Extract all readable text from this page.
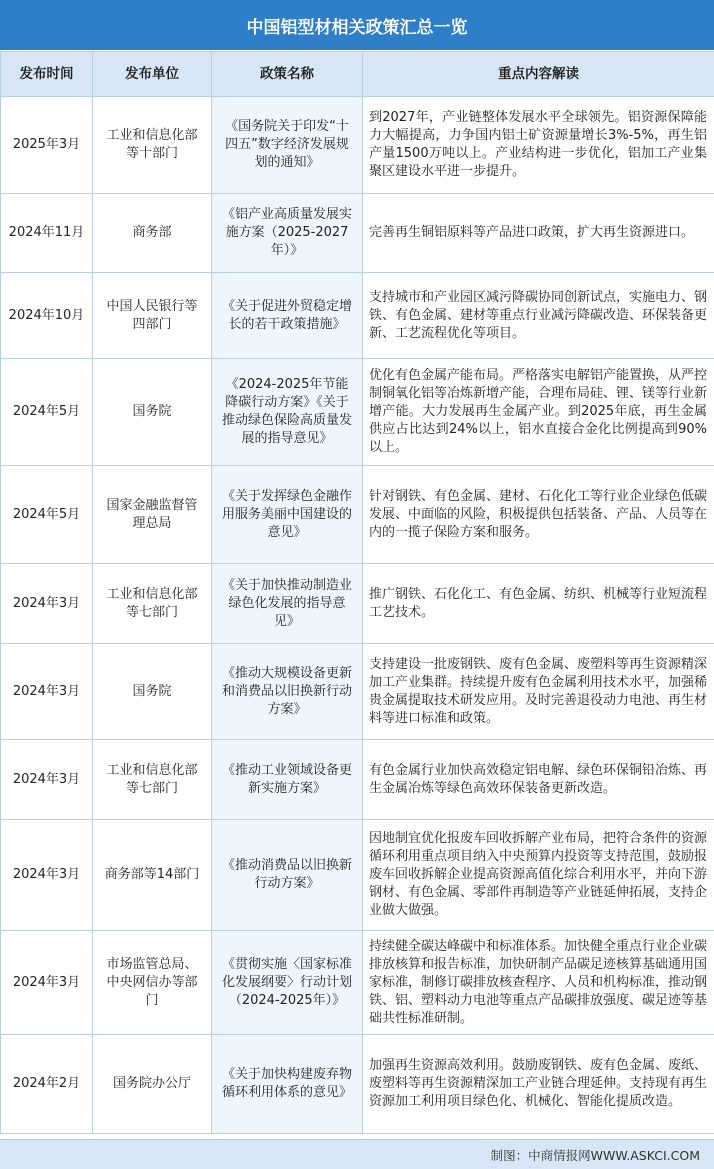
中国铝型材相关政策汇总一览
发布时间	发布单位	政策名称	重点内容解读
2025年3月	工业和信息化部等十部门	《国务院关于印发“十四五”数字经济发展规划的通知》	到2027年，产业链整体发展水平全球领先。铝资源保障能力大幅提高，力争国内铝土矿资源量增长3%-5%，再生铝产量1500万吨以上。产业结构进一步优化，铝加工产业集聚区建设水平进一步提升。
2024年11月	商务部	《铝产业高质量发展实施方案（2025-2027年）》	完善再生铜铝原料等产品进口政策，扩大再生资源进口。
2024年10月	中国人民银行等四部门	《关于促进外贸稳定增长的若干政策措施》	支持城市和产业园区减污降碳协同创新试点，实施电力、钢铁、有色金属、建材等重点行业减污降碳改造、环保装备更新、工艺流程优化等项目。
2024年5月	国务院	《2024-2025年节能降碳行动方案》《关于推动绿色保险高质量发展的指导意见》	优化有色金属产能布局。严格落实电解铝产能置换，从严控制铜氧化铝等冶炼新增产能，合理布局硅、锂、镁等行业新增产能。大力发展再生金属产业。到2025年底，再生金属供应占比达到24%以上，铝水直接合金化比例提高到90%以上。
2024年5月	国家金融监督管理总局	《关于发挥绿色金融作用服务美丽中国建设的意见》	针对钢铁、有色金属、建材、石化化工等行业企业绿色低碳发展、中面临的风险，积极提供包括装备、产品、人员等在内的一揽子保险方案和服务。
2024年3月	工业和信息化部等七部门	《关于加快推动制造业绿色化发展的指导意见》	推广钢铁、石化化工、有色金属、纺织、机械等行业短流程工艺技术。
2024年3月	国务院	《推动大规模设备更新和消费品以旧换新行动方案》	支持建设一批废钢铁、废有色金属、废塑料等再生资源精深加工产业集群。持续提升废有色金属利用技术水平，加强稀贵金属提取技术研发应用。及时完善退役动力电池、再生材料等进口标准和政策。
2024年3月	工业和信息化部等七部门	《推动工业领域设备更新实施方案》	有色金属行业加快高效稳定铝电解、绿色环保铜铅冶炼、再生金属冶炼等绿色高效环保装备更新改造。
2024年3月	商务部等14部门	《推动消费品以旧换新行动方案》	因地制宜优化报废车回收拆解产业布局，把符合条件的资源循环利用重点项目纳入中央预算内投资等支持范围，鼓励报废车回收拆解企业提高资源高值化综合利用水平，并向下游钢材、有色金属、零部件再制造等产业链延伸拓展，支持企业做大做强。
2024年3月	市场监管总局、中央网信办等部门	《贯彻实施〈国家标准化发展纲要〉行动计划（2024-2025年）》	持续健全碳达峰碳中和标准体系。加快健全重点行业企业碳排放核算和报告标准，加快研制产品碳足迹核算基础通用国家标准，制修订碳排放核查程序、人员和机构标准，推动钢铁、铝、塑料动力电池等重点产品碳排放强度、碳足迹等基础共性标准研制。
2024年2月	国务院办公厅	《关于加快构建废弃物循环利用体系的意见》	加强再生资源高效利用。鼓励废钢铁、废有色金属、废纸、废塑料等再生资源精深加工产业链合理延伸。支持现有再生资源加工利用项目绿色化、机械化、智能化提质改造。
制图：中商情报网WWW.ASKCI.COM
